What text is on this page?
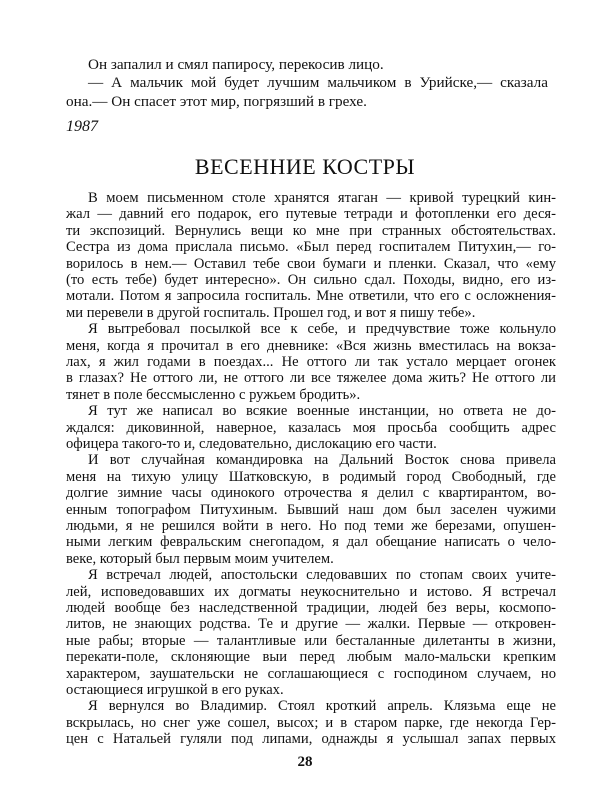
Он запалил и смял папиросу, перекосив лицо.
— А мальчик мой будет лучшим мальчиком в Урийске,— сказала
она.— Он спасет этот мир, погрязший в грехе.
1987
ВЕСЕННИЕ КОСТРЫ
В моем письменном столе хранятся ятаган — кривой турецкий кин-
жал — давний его подарок, его путевые тетради и фотопленки его деся-
ти экспозиций. Вернулись вещи ко мне при странных обстоятельствах.
Сестра из дома прислала письмо. «Был перед госпиталем Питухин,— го-
ворилось в нем.— Оставил тебе свои бумаги и пленки. Сказал, что «ему
(то есть тебе) будет интересно». Он сильно сдал. Походы, видно, его из-
мотали. Потом я запросила госпиталь. Мне ответили, что его с осложнения-
ми перевели в другой госпиталь. Прошел год, и вот я пишу тебе».
Я вытребовал посылкой все к себе, и предчувствие тоже кольнуло
меня, когда я прочитал в его дневнике: «Вся жизнь вместилась на вокза-
лах, я жил годами в поездах... Не оттого ли так устало мерцает огонек
в глазах? Не оттого ли, не оттого ли все тяжелее дома жить? Не оттого ли
тянет в поле бессмысленно с ружьем бродить».
Я тут же написал во всякие военные инстанции, но ответа не до-
ждался: диковинной, наверное, казалась моя просьба сообщить адрес
офицера такого-то и, следовательно, дислокацию его части.
И вот случайная командировка на Дальний Восток снова привела
меня на тихую улицу Шатковскую, в родимый город Свободный, где
долгие зимние часы одинокого отрочества я делил с квартирантом, во-
енным топографом Питухиным. Бывший наш дом был заселен чужими
людьми, я не решился войти в него. Но под теми же березами, опушен-
ными легким февральским снегопадом, я дал обещание написать о чело-
веке, который был первым моим учителем.
Я встречал людей, апостольски следовавших по стопам своих учите-
лей, исповедовавших их догматы неукоснительно и истово. Я встречал
людей вообще без наследственной традиции, людей без веры, космопо-
литов, не знающих родства. Те и другие — жалки. Первые — откровен-
ные рабы; вторые — талантливые или бесталанные дилетанты в жизни,
перекати-поле, склоняющие выи перед любым мало-мальски крепким
характером, заушательски не соглашающиеся с господином случаем, но
остающиеся игрушкой в его руках.
Я вернулся во Владимир. Стоял кроткий апрель. Клязьма еще не
вскрылась, но снег уже сошел, высох; и в старом парке, где некогда Гер-
цен с Натальей гуляли под липами, однажды я услышал запах первых
28
